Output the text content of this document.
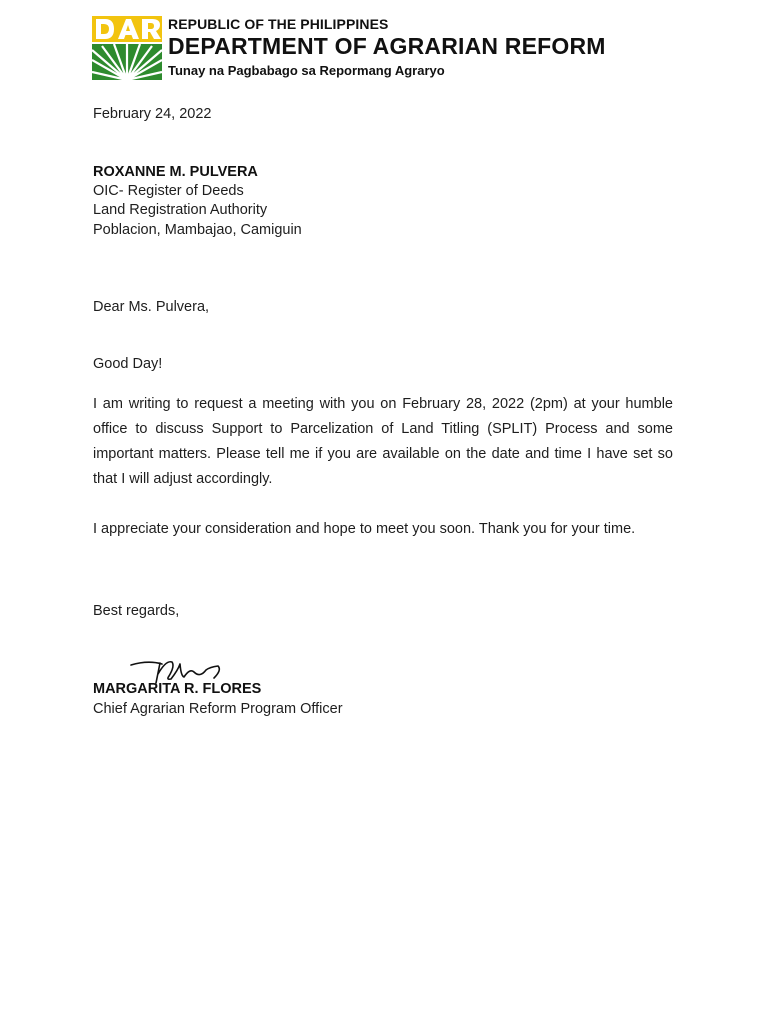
REPUBLIC OF THE PHILIPPINES
DEPARTMENT OF AGRARIAN REFORM
Tunay na Pagbabago sa Repormang Agraryo
February 24, 2022
ROXANNE M. PULVERA
OIC- Register of Deeds
Land Registration Authority
Poblacion, Mambajao, Camiguin
Dear Ms. Pulvera,
Good Day!
I am writing to request a meeting with you on February 28, 2022 (2pm) at your humble office to discuss Support to Parcelization of Land Titling (SPLIT) Process and some important matters. Please tell me if you are available on the date and time I have set so that I will adjust accordingly.
I appreciate your consideration and hope to meet you soon. Thank you for your time.
Best regards,
MARGARITA R. FLORES
Chief Agrarian Reform Program Officer
